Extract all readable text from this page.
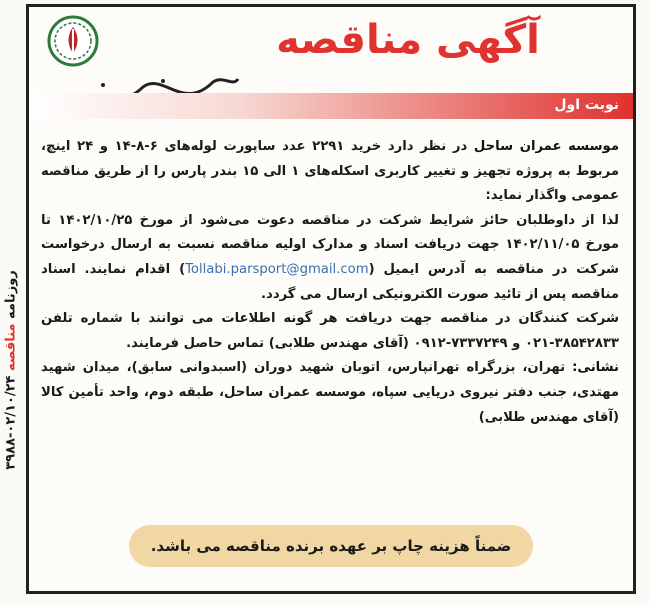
روزنامه مناقصه ۰۲/۱۰/۲۴-۳۹۸۸
آگهی مناقصه
نوبت اول

موسسه عمران ساحل در نظر دارد خرید ۲۲۹۱ عدد ساپورت لوله‌های ۶-۸-۱۴ و ۲۴ اینچ، مربوط به پروژه تجهیز و تغییر کاربری اسکله‌های ۱ الی ۱۵ بندر پارس را از طریق مناقصه عمومی واگذار نماید:

لذا از داوطلبان حائز شرایط شرکت در مناقصه دعوت می‌شود از مورخ ۱۴۰۲/۱۰/۲۵ تا مورخ ۱۴۰۲/۱۱/۰۵ جهت دریافت اسناد و مدارک اولیه مناقصه نسبت به ارسال درخواست شرکت در مناقصه به آدرس ایمیل (Tollabi.parsport@gmail.com) اقدام نمایند. اسناد مناقصه پس از تائید صورت الکترونیکی ارسال می گردد.

شرکت کنندگان در مناقصه جهت دریافت هر گونه اطلاعات می توانند با شماره تلفن ۳۸۵۴۲۸۳۳-۰۲۱ و ۷۳۳۷۲۴۹-۰۹۱۲ (آقای مهندس طلابی) تماس حاصل فرمایند.

نشانی: تهران، بزرگراه تهرانپارس، اتوبان شهید دوران (اسبدوانی سابق)، میدان شهید مهتدی، جنب دفتر نیروی دریایی سپاه، موسسه عمران ساحل، طبقه دوم، واحد تأمین کالا (آقای مهندس طلابی)

ضمناً هزینه چاپ بر عهده برنده مناقصه می باشد.
